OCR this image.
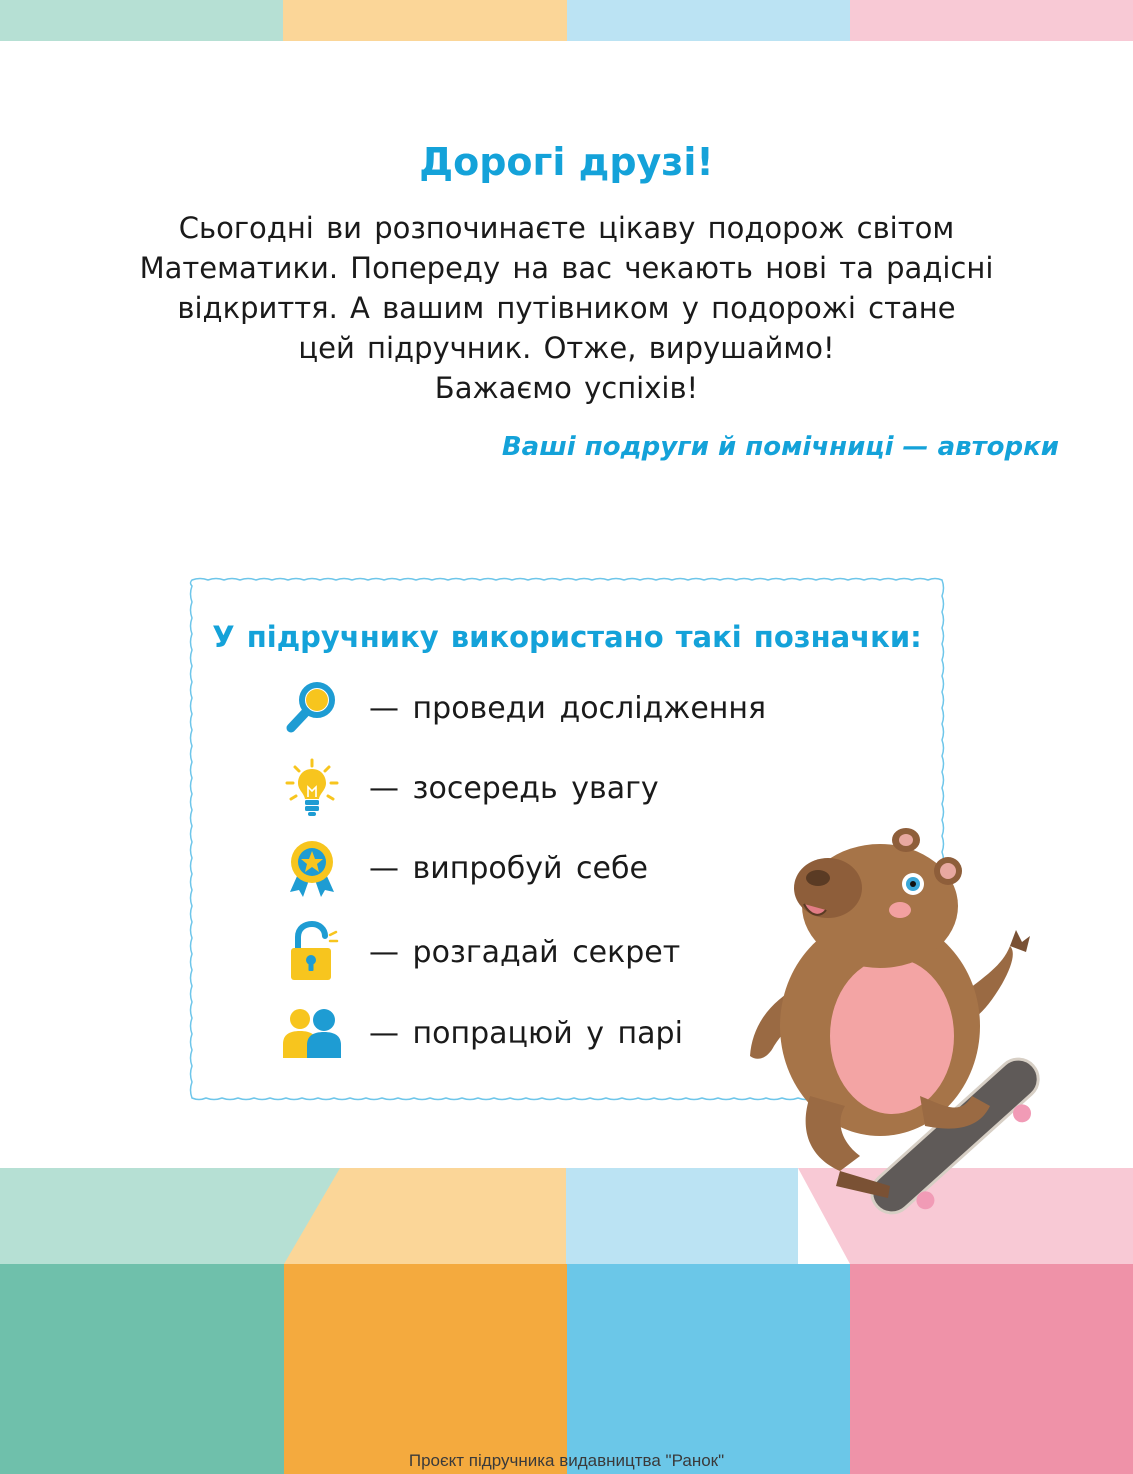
Дорогі друзі!

Сьогодні ви розпочинаєте цікаву подорож світом
Математики. Попереду на вас чекають нові та радісні
відкриття. А вашим путівником у подорожі стане
цей підручник. Отже, вирушаймо!
Бажаємо успіхів!

Ваші подруги й помічниці — авторки

У підручнику використано такі позначки:

— проведи дослідження
— зосередь увагу
— випробуй себе
— розгадай секрет
— попрацюй у парі
Проєкт підручника видавництва "Ранок"
